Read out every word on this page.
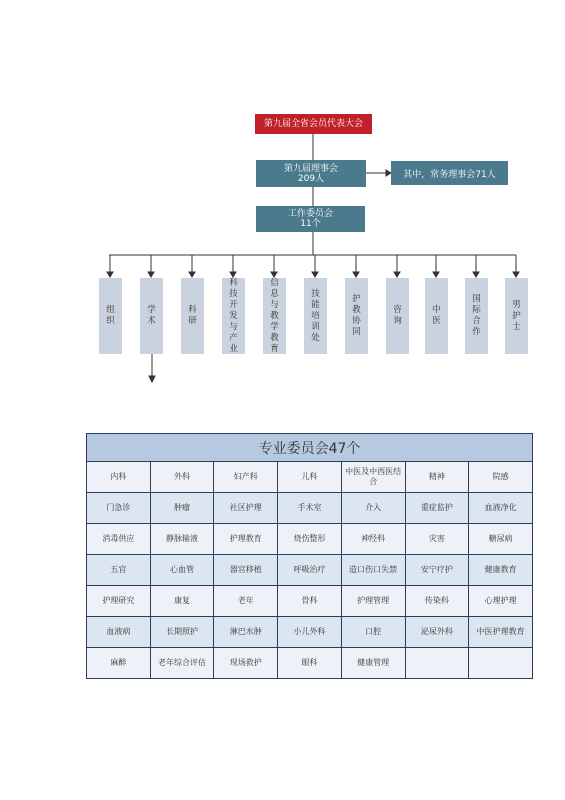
第九届全省会员代表大会
第九届理事会
209人	其中，常务理事会71人
工作委员会
11个
组
织
学
术
科
研
科
技
开
发
与
产
业
信
息
与
教
学
教
育
技
能
培
训
处
护
教
协
同
咨
询
中
医
国
际
合
作
男
护
士
专业委员会47个						
内科	外科	妇产科	儿科	中医及中西医结合	精神	院感
门急诊	肿瘤	社区护理	手术室	介入	重症监护	血液净化
消毒供应	静脉输液	护理教育	烧伤整形	神经科	灾害	糖尿病
五官	心血管	器官移植	呼吸治疗	造口伤口失禁	安宁疗护	健康教育
护理研究	康复	老年	骨科	护理管理	传染科	心理护理
血液病	长期照护	淋巴水肿	小儿外科	口腔	泌尿外科	中医护理教育
麻醉	老年综合评估	现场救护	眼科	健康管理		
